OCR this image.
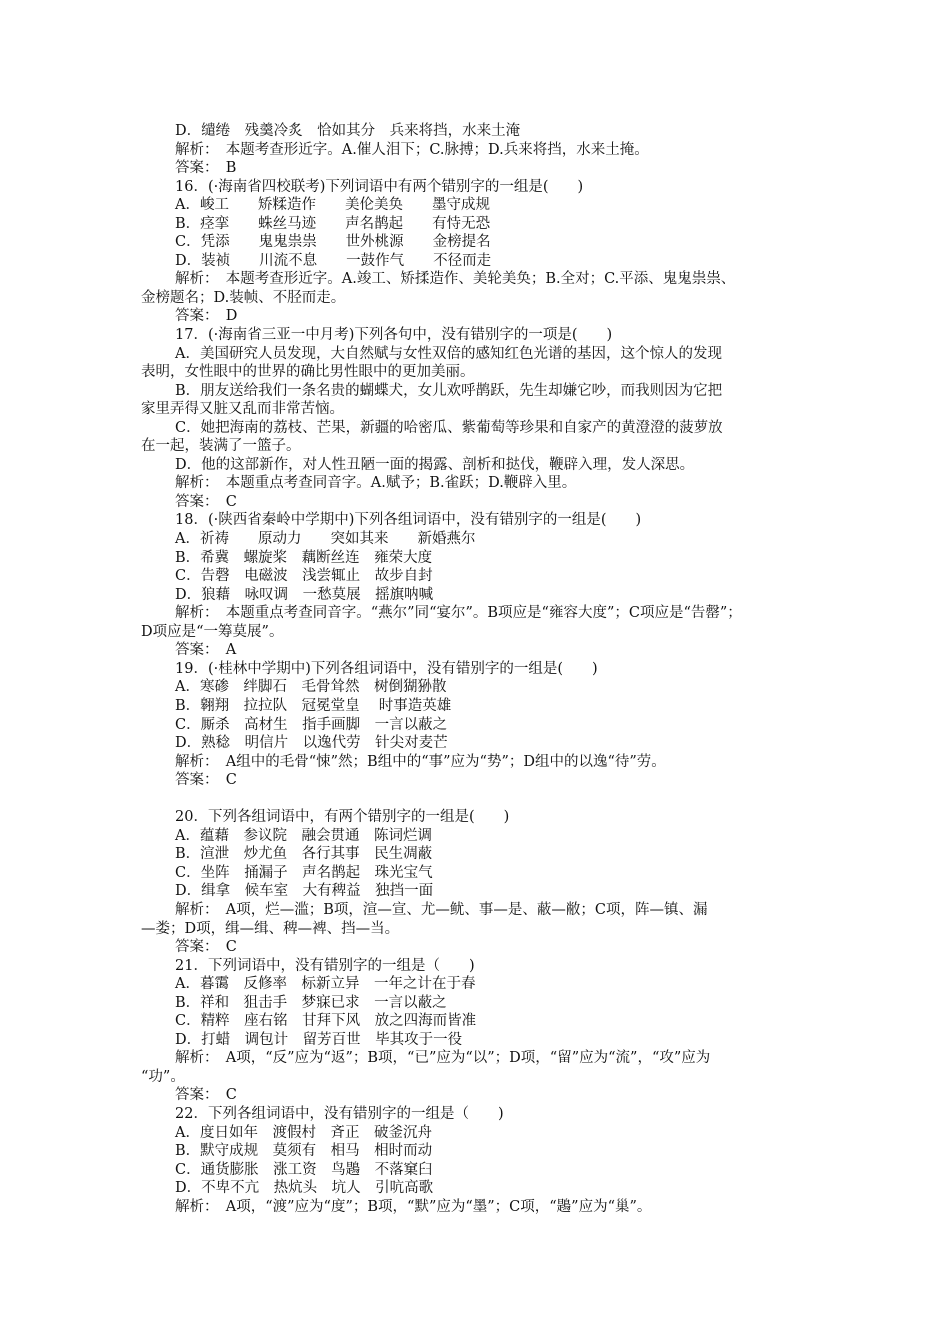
D．缱绻　残羹冷炙　恰如其分　兵来将挡，水来土淹
解析：　本题考查形近字。A.催人泪下；C.脉搏；D.兵来将挡，水来土掩。
答案：　B
16．(·海南省四校联考)下列词语中有两个错别字的一组是(　　)
A．峻工　　矫糅造作　　美伦美奂　　墨守成规
B．痉挛　　蛛丝马迹　　声名鹊起　　有恃无恐
C．凭添　　鬼鬼祟祟　　世外桃源　　金榜提名
D．装祯　　川流不息　　一鼓作气　　不径而走
解析：　本题考查形近字。A.竣工、矫揉造作、美轮美奂；B.全对；C.平添、鬼鬼祟祟、
金榜题名；D.装帧、不胫而走。
答案：　D
17．(·海南省三亚一中月考)下列各句中，没有错别字的一项是(　　)
A．美国研究人员发现，大自然赋与女性双倍的感知红色光谱的基因，这个惊人的发现
表明，女性眼中的世界的确比男性眼中的更加美丽。
B．朋友送给我们一条名贵的蝴蝶犬，女儿欢呼鹊跃，先生却嫌它吵，而我则因为它把
家里弄得又脏又乱而非常苦恼。
C．她把海南的荔枝、芒果，新疆的哈密瓜、紫葡萄等珍果和自家产的黄澄澄的菠萝放
在一起，装满了一篮子。
D．他的这部新作，对人性丑陋一面的揭露、剖析和挞伐，鞭辟入理，发人深思。
解析：　本题重点考查同音字。A.赋予；B.雀跃；D.鞭辟入里。
答案：　C
18．(·陕西省秦岭中学期中)下列各组词语中，没有错别字的一组是(　　)
A．祈祷　　原动力　　突如其来　　新婚燕尔
B．希冀　螺旋桨　藕断丝连　雍荣大度
C．告磬　电磁波　浅尝辄止　故步自封
D．狼藉　咏叹调　一愁莫展　摇旗呐喊
解析：　本题重点考查同音字。“燕尔”同“宴尔”。B项应是“雍容大度”；C项应是“告罄”；
D项应是“一筹莫展”。
答案：　A
19．(·桂林中学期中)下列各组词语中，没有错别字的一组是(　　)
A．寒碜　绊脚石　毛骨耸然　树倒猢狲散
B．翱翔　拉拉队　冠冕堂皇　 时事造英雄
C．厮杀　高材生　指手画脚　一言以蔽之
D．熟稔　明信片　以逸代劳　针尖对麦芒
解析：　A组中的毛骨“悚”然；B组中的“事”应为“势”；D组中的以逸“待”劳。
答案：　C
20．下列各组词语中，有两个错别字的一组是(　　)
A．蕴藉　参议院　融会贯通　陈词烂调
B．渲泄　炒尤鱼　各行其事　民生凋蔽
C．坐阵　捅漏子　声名鹊起　珠光宝气
D．缉拿　候车室　大有稗益　独挡一面
解析：　A项，烂—滥；B项，渲—宣、尤—鱿、事—是、蔽—敝；C项，阵—镇、漏
—娄；D项，缉—缉、稗—裨、挡—当。
答案：　C
21．下列词语中，没有错别字的一组是（　　)
A．暮霭　反修率　标新立异　一年之计在于春
B．祥和　狙击手　梦寐已求　一言以蔽之
C．精粹　座右铭　甘拜下风　放之四海而皆准
D．打蜡　调包计　留芳百世　毕其攻于一役
解析：　A项，“反”应为“返”；B项，“已”应为“以”；D项，“留”应为“流”，“攻”应为
“功”。
答案：　C
22．下列各组词语中，没有错别字的一组是（　　)
A．度日如年　渡假村　斉正　破釜沉舟
B．默守成规　莫须有　相马　相时而动
C．通货膨胀　涨工资　鸟鶗　不落窠臼
D．不卑不亢　热炕头　坑人　引吭高歌
解析：　A项，“渡”应为“度”；B项，“默”应为“墨”；C项，“鶗”应为“巢”。
